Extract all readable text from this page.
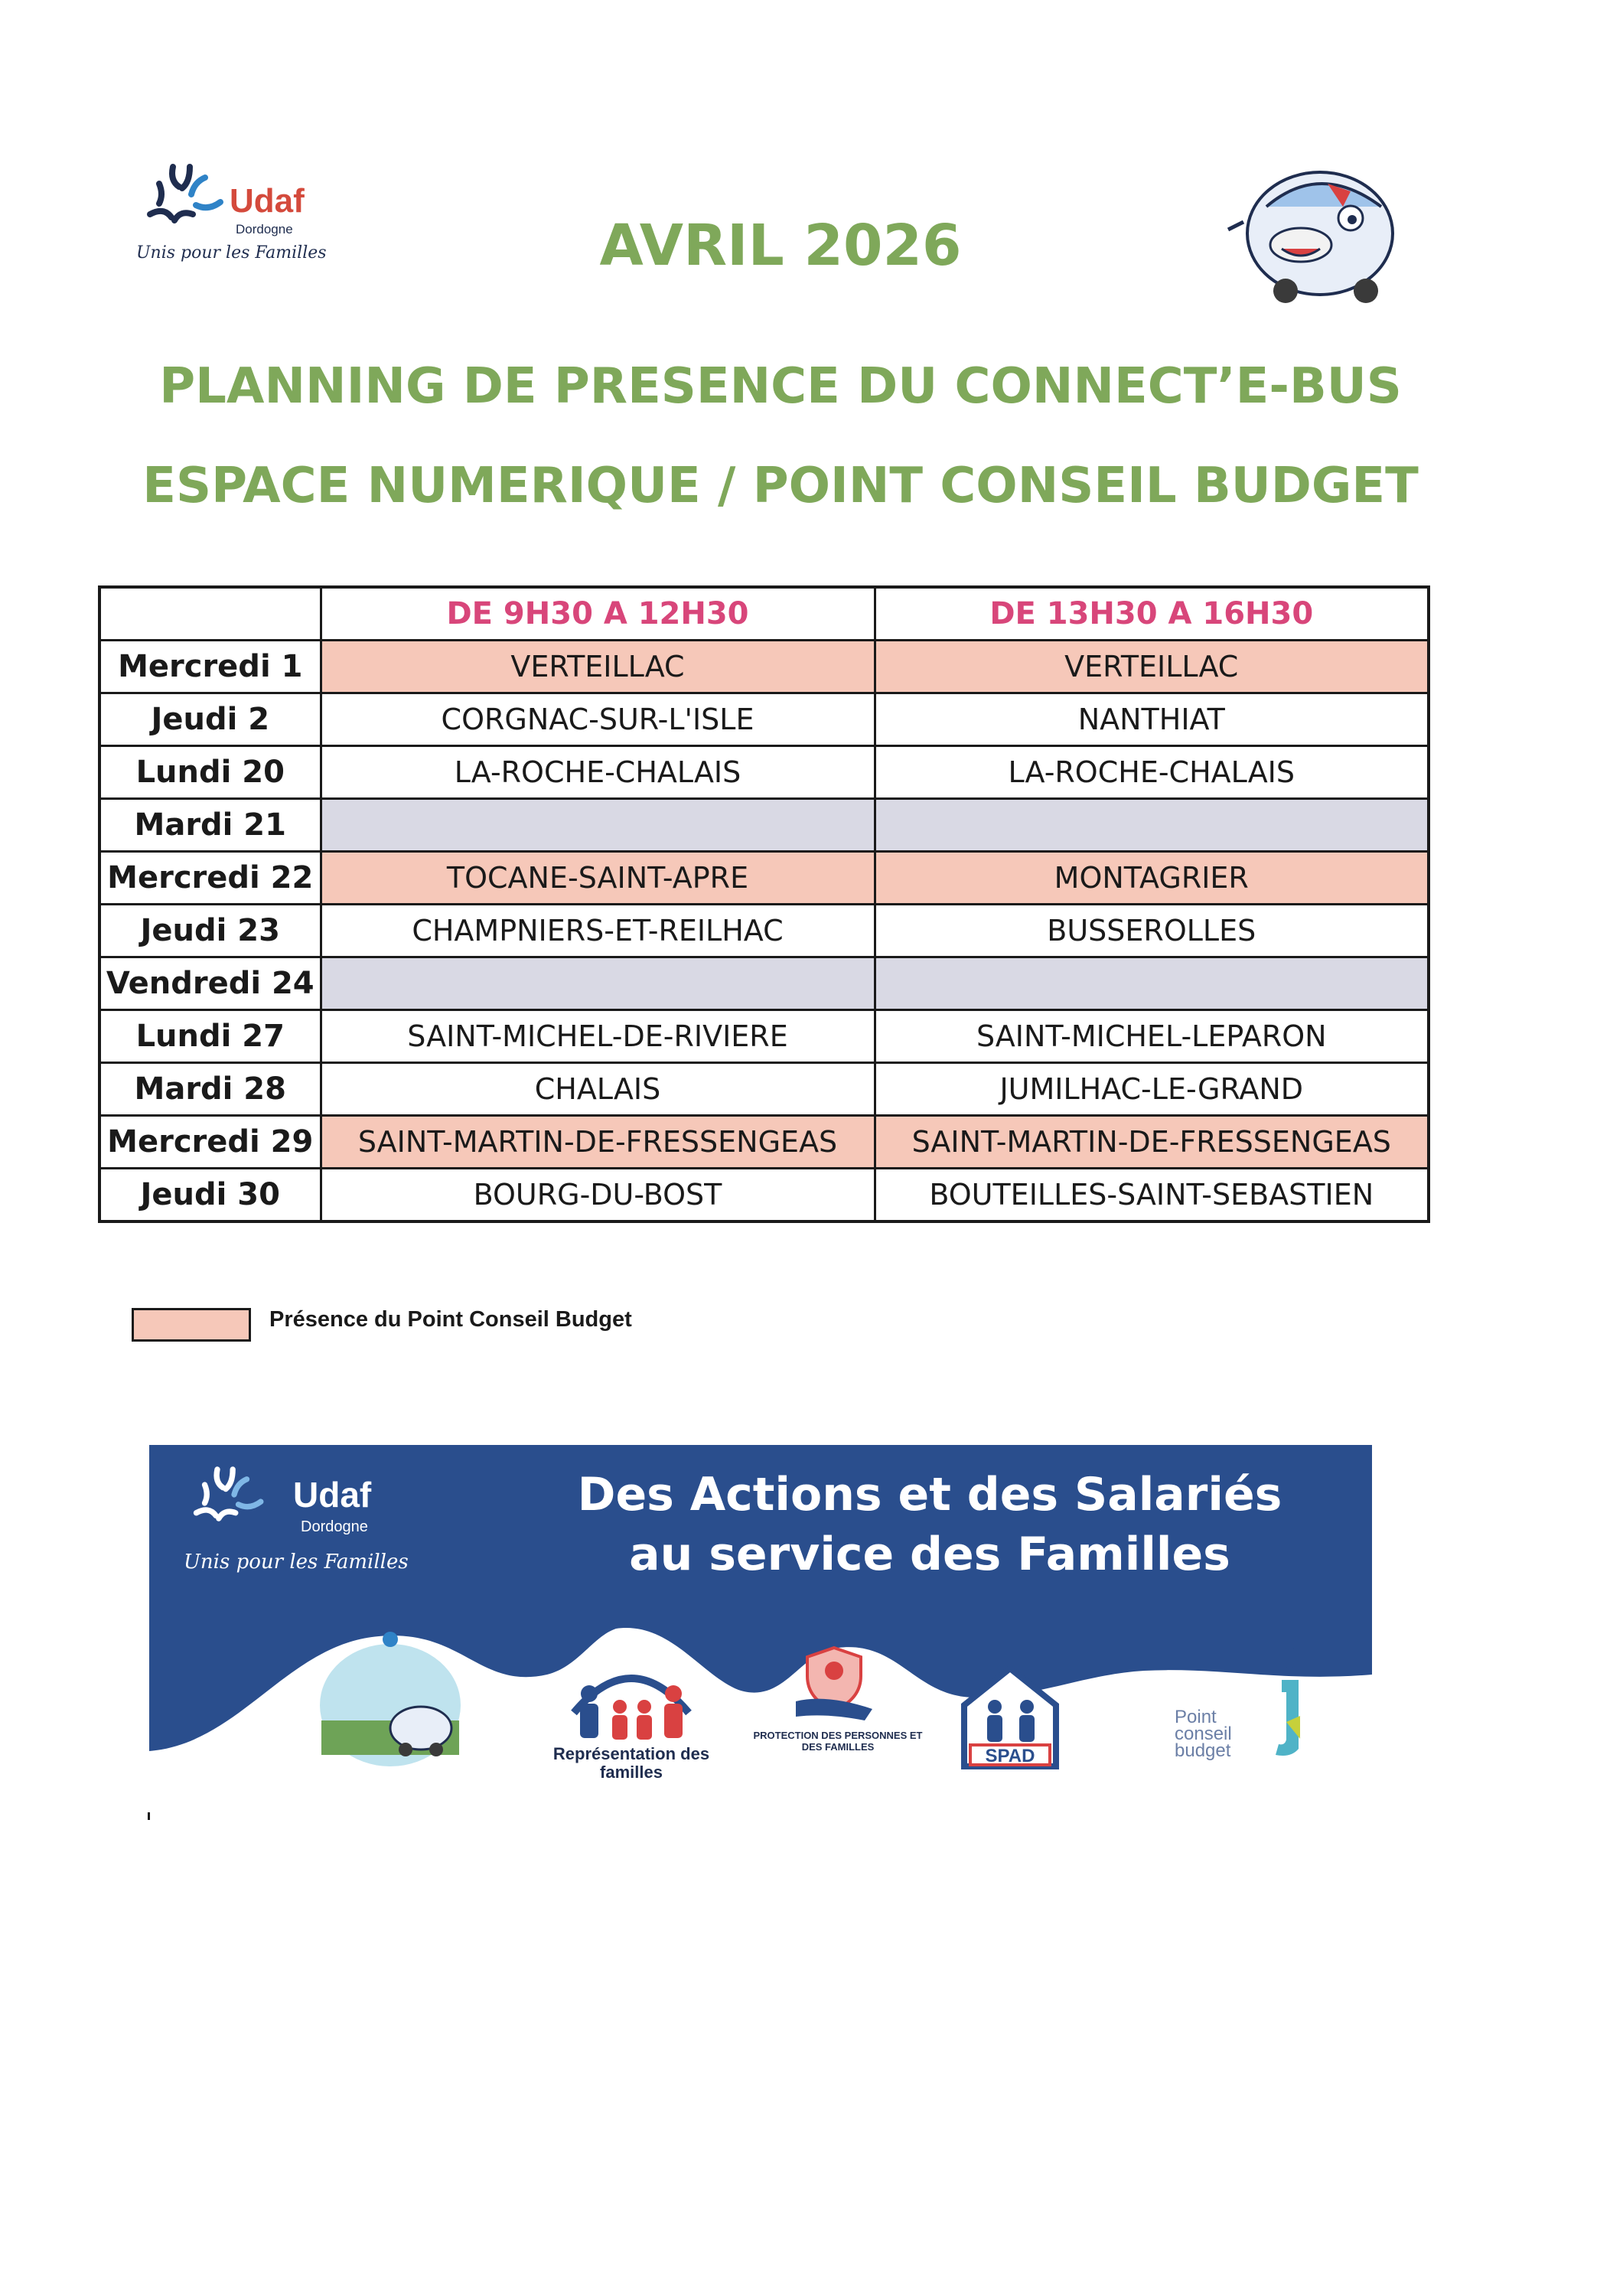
Udaf
Dordogne
Unis pour les Familles	AVRIL 2026
PLANNING DE PRESENCE DU CONNECT’E-BUS
ESPACE NUMERIQUE / POINT CONSEIL BUDGET
	DE 9H30 A 12H30	DE 13H30 A 16H30
Mercredi 1	VERTEILLAC	VERTEILLAC
Jeudi 2	CORGNAC-SUR-L'ISLE	NANTHIAT
Lundi 20	LA-ROCHE-CHALAIS	LA-ROCHE-CHALAIS
Mardi 21		
Mercredi 22	TOCANE-SAINT-APRE	MONTAGRIER
Jeudi 23	CHAMPNIERS-ET-REILHAC	BUSSEROLLES
Vendredi 24		
Lundi 27	SAINT-MICHEL-DE-RIVIERE	SAINT-MICHEL-LEPARON
Mardi 28	CHALAIS	JUMILHAC-LE-GRAND
Mercredi 29	SAINT-MARTIN-DE-FRESSENGEAS	SAINT-MARTIN-DE-FRESSENGEAS
Jeudi 30	BOURG-DU-BOST	BOUTEILLES-SAINT-SEBASTIEN
Présence du Point Conseil Budget
Udaf
Dordogne
Unis pour les Familles
Des Actions et des Salariés
au service des Familles
Représentation des familles
PROTECTION DES PERSONNES ET DES FAMILLES	SPAD
Point
conseil
budget
